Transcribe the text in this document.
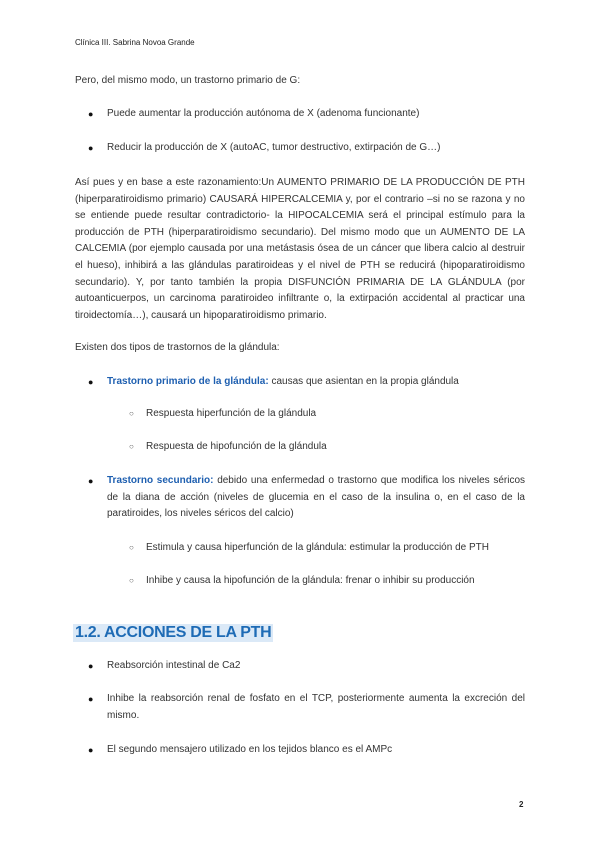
Clínica III. Sabrina Novoa Grande
Pero, del mismo modo, un trastorno primario de G:
● Puede aumentar la producción autónoma de X (adenoma funcionante)
● Reducir la producción de X (autoAC, tumor destructivo, extirpación de G…)
Así pues y en base a este razonamiento:Un AUMENTO PRIMARIO DE LA PRODUCCIÓN DE PTH (hiperparatiroidismo primario) CAUSARÁ HIPERCALCEMIA y, por el contrario –si no se razona y no se entiende puede resultar contradictorio- la HIPOCALCEMIA será el principal estímulo para la producción de PTH (hiperparatiroidismo secundario). Del mismo modo que un AUMENTO DE LA CALCEMIA (por ejemplo causada por una metástasis ósea de un cáncer que libera calcio al destruir el hueso), inhibirá a las glándulas paratiroideas y el nivel de PTH se reducirá (hipoparatiroidismo secundario). Y, por tanto también la propia DISFUNCIÓN PRIMARIA DE LA GLÁNDULA (por autoanticuerpos, un carcinoma paratiroideo infiltrante o, la extirpación accidental al practicar una tiroidectomía…), causará un hipoparatiroidismo primario.
Existen dos tipos de trastornos de la glándula:
● Trastorno primario de la glándula: causas que asientan en la propia glándula
○ Respuesta hiperfunción de la glándula
○ Respuesta de hipofunción de la glándula
● Trastorno secundario: debido una enfermedad o trastorno que modifica los niveles séricos de la diana de acción (niveles de glucemia en el caso de la insulina o, en el caso de la paratiroides, los niveles séricos del calcio)
○ Estimula y causa hiperfunción de la glándula: estimular la producción de PTH
○ Inhibe y causa la hipofunción de la glándula: frenar o inhibir su producción
1.2. ACCIONES DE LA PTH
● Reabsorción intestinal de Ca2
● Inhibe la reabsorción renal de fosfato en el TCP, posteriormente aumenta la excreción del mismo.
● El segundo mensajero utilizado en los tejidos blanco es el AMPc
2
